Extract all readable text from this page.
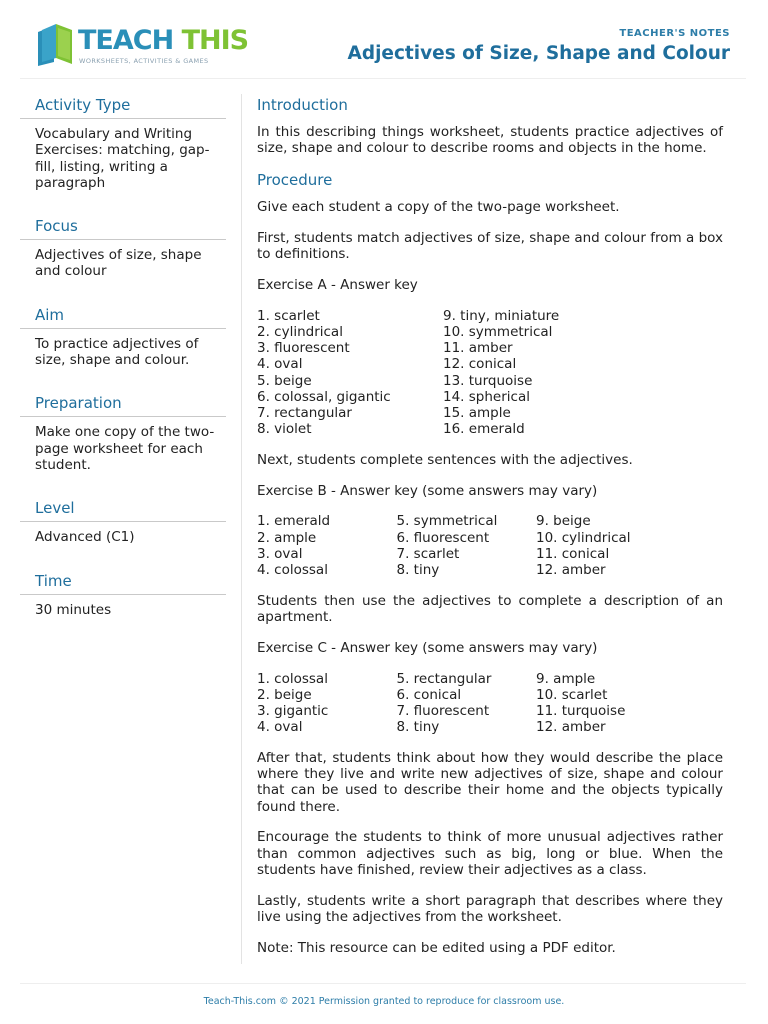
TEACH THIS
WORKSHEETS, ACTIVITIES & GAMES
TEACHER'S NOTES
Adjectives of Size, Shape and Colour
Activity Type
Vocabulary and Writing Exercises: matching, gap-fill, listing, writing a paragraph
Focus
Adjectives of size, shape and colour
Aim
To practice adjectives of size, shape and colour.
Preparation
Make one copy of the two-page worksheet for each student.
Level
Advanced (C1)
Time
30 minutes
Introduction

In this describing things worksheet, students practice adjectives of size, shape and colour to describe rooms and objects in the home.

Procedure

Give each student a copy of the two-page worksheet.

First, students match adjectives of size, shape and colour from a box to definitions.

Exercise A - Answer key

1. scarlet	9. tiny, miniature
2. cylindrical	10. symmetrical
3. fluorescent	11. amber
4. oval	12. conical
5. beige	13. turquoise
6. colossal, gigantic	14. spherical
7. rectangular	15. ample
8. violet	16. emerald

Next, students complete sentences with the adjectives.

Exercise B - Answer key (some answers may vary)

1. emerald	5. symmetrical	9. beige
2. ample	6. fluorescent	10. cylindrical
3. oval	7. scarlet	11. conical
4. colossal	8. tiny	12. amber

Students then use the adjectives to complete a description of an apartment.

Exercise C - Answer key (some answers may vary)

1. colossal	5. rectangular	9. ample
2. beige	6. conical	10. scarlet
3. gigantic	7. fluorescent	11. turquoise
4. oval	8. tiny	12. amber

After that, students think about how they would describe the place where they live and write new adjectives of size, shape and colour that can be used to describe their home and the objects typically found there.

Encourage the students to think of more unusual adjectives rather than common adjectives such as big, long or blue. When the students have finished, review their adjectives as a class.

Lastly, students write a short paragraph that describes where they live using the adjectives from the worksheet.

Note: This resource can be edited using a PDF editor.

Teach-This.com © 2021 Permission granted to reproduce for classroom use.
